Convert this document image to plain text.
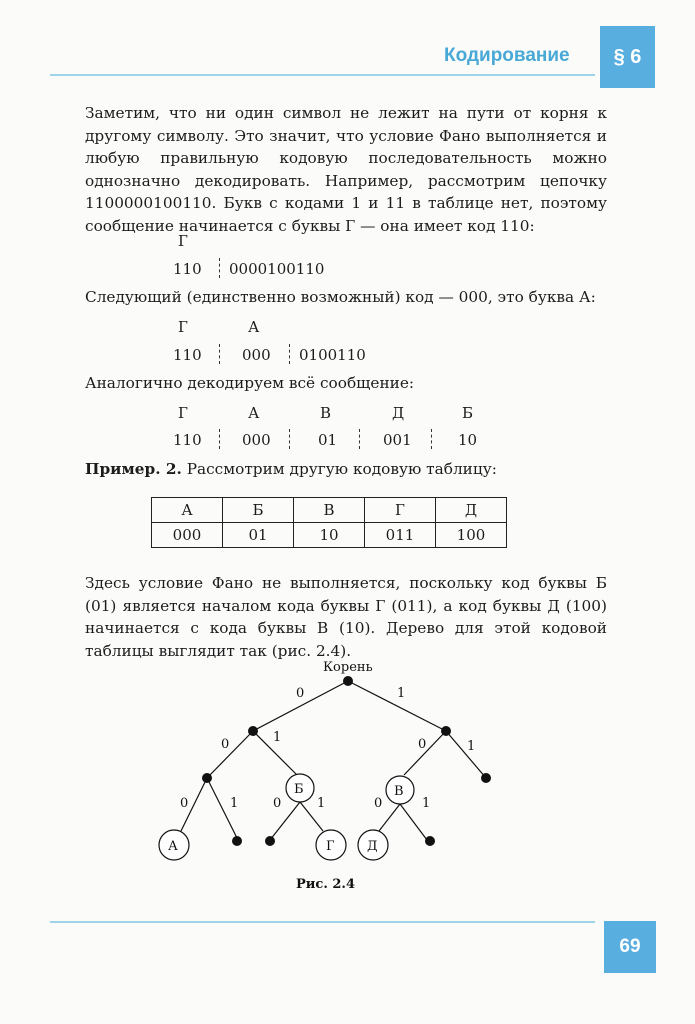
Кодирование	§ 6
Заметим, что ни один символ не лежит на пути от корня к другому символу. Это значит, что условие Фано выполняется и любую правильную кодовую последовательность можно однозначно декодировать. Например, рассмотрим цепочку 1100000100110. Букв с кодами 1 и 11 в таблице нет, поэтому сообщение начинается с буквы Г — она имеет код 110:
Г
110 0000100110
Следующий (единственно возможный) код — 000, это буква А:
Г	А
110	000 0100110
Аналогично декодируем всё сообщение:
Г	А	В	Д	Б
110	000	01	001	10
Пример. 2. Рассмотрим другую кодовую таблицу:
А	Б	В	Г	Д
000	01	10	011	100
Здесь условие Фано не выполняется, поскольку код буквы Б (01) является началом кода буквы Г (011), а код буквы Д (100) начинается с кода буквы В (10). Дерево для этой кодовой таблицы выглядит так (рис. 2.4).
Корень
0	1
0	1	0	1
0	1	0	1	0	1
Б	В
А	Г Д
Рис. 2.4
69
